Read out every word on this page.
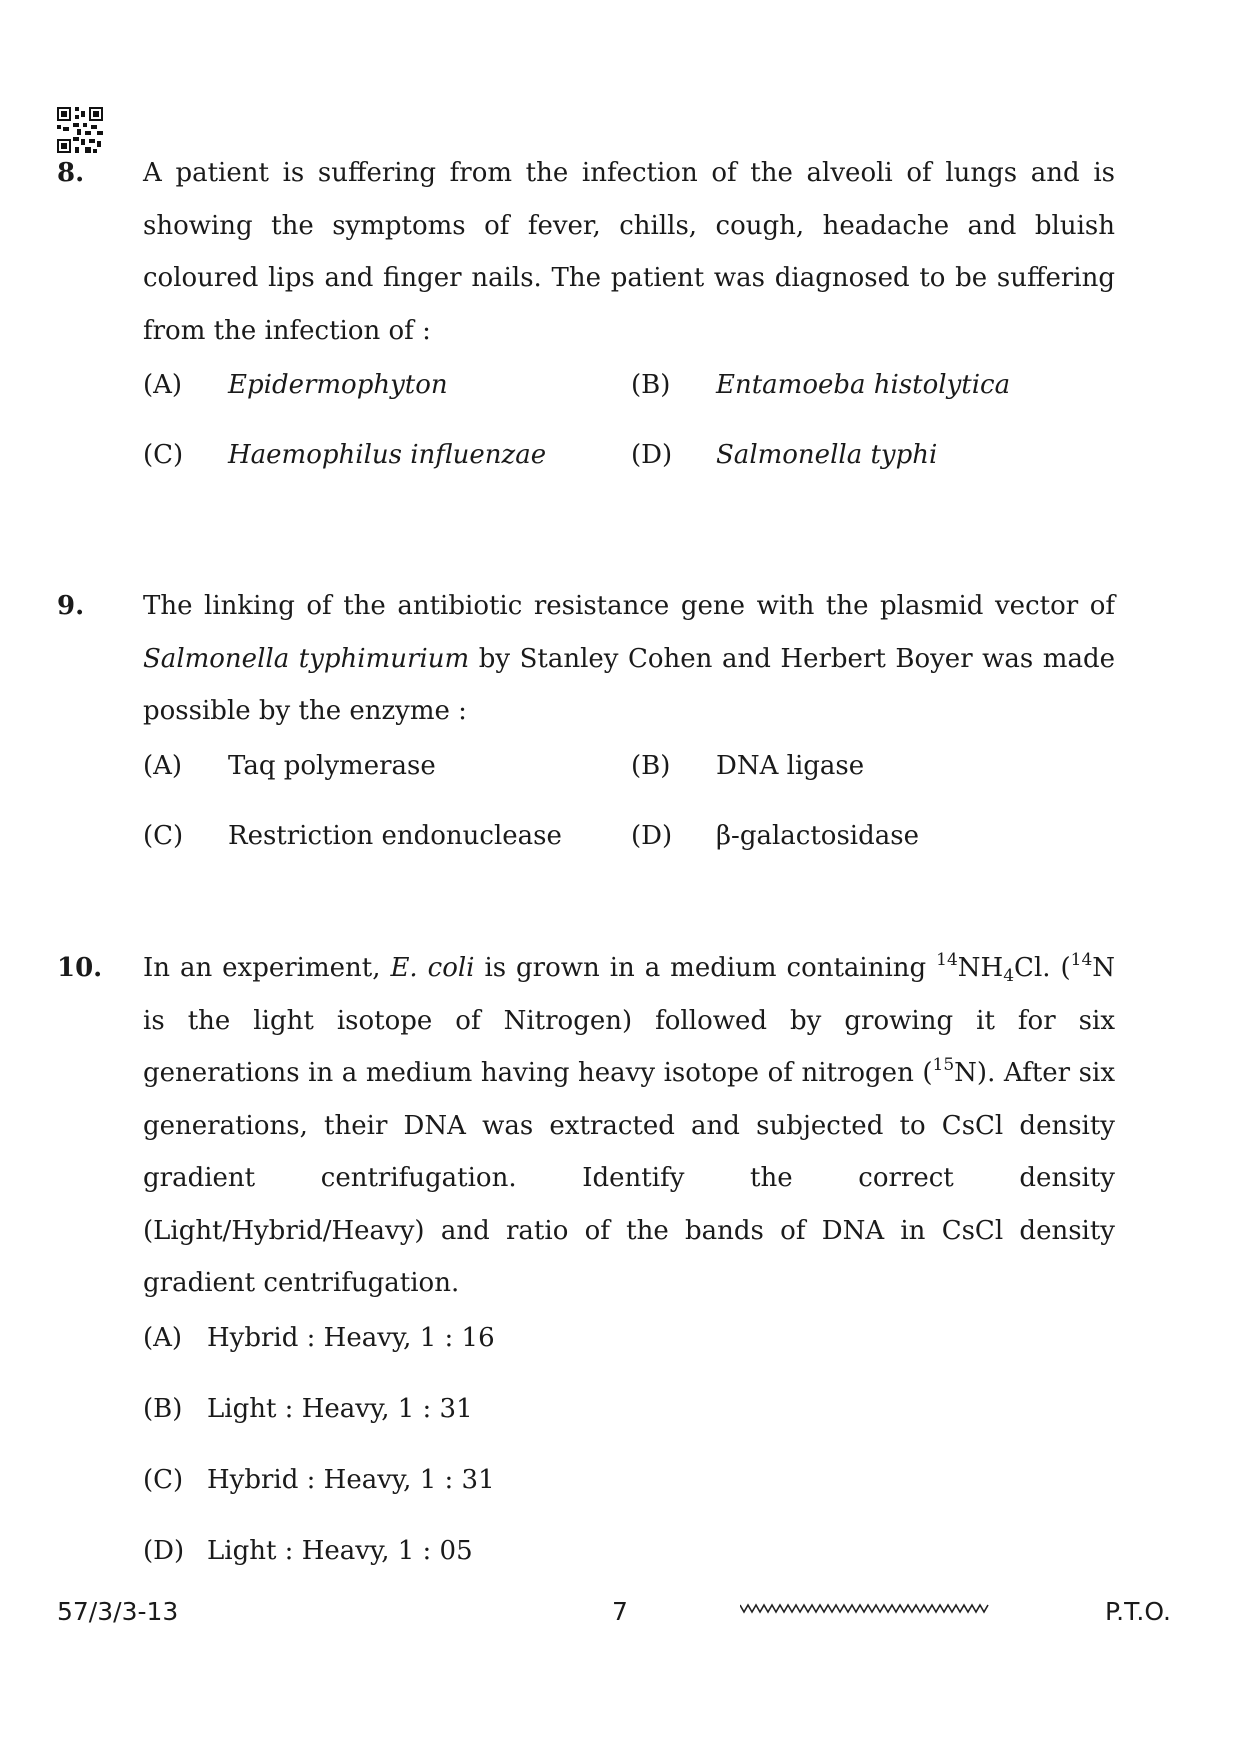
8. A patient is suffering from the infection of the alveoli of lungs and is showing the symptoms of fever, chills, cough, headache and bluish coloured lips and finger nails. The patient was diagnosed to be suffering from the infection of :
(A) Epidermophyton	(B) Entamoeba histolytica
(C) Haemophilus influenzae	(D) Salmonella typhi
9. The linking of the antibiotic resistance gene with the plasmid vector of Salmonella typhimurium by Stanley Cohen and Herbert Boyer was made possible by the enzyme :
(A) Taq polymerase	(B) DNA ligase
(C) Restriction endonuclease	(D) β-galactosidase
10. In an experiment, E. coli is grown in a medium containing $^{14}NH_4Cl$. ($^{14}$N is the light isotope of Nitrogen) followed by growing it for six generations in a medium having heavy isotope of nitrogen ($^{15}$N). After six generations, their DNA was extracted and subjected to CsCl density gradient centrifugation. Identify the correct density (Light/Hybrid/Heavy) and ratio of the bands of DNA in CsCl density gradient centrifugation.
(A) Hybrid : Heavy, 1 : 16
(B) Light : Heavy, 1 : 31
(C) Hybrid : Heavy, 1 : 31
(D) Light : Heavy, 1 : 05
57/3/3-13	7	P.T.O.
